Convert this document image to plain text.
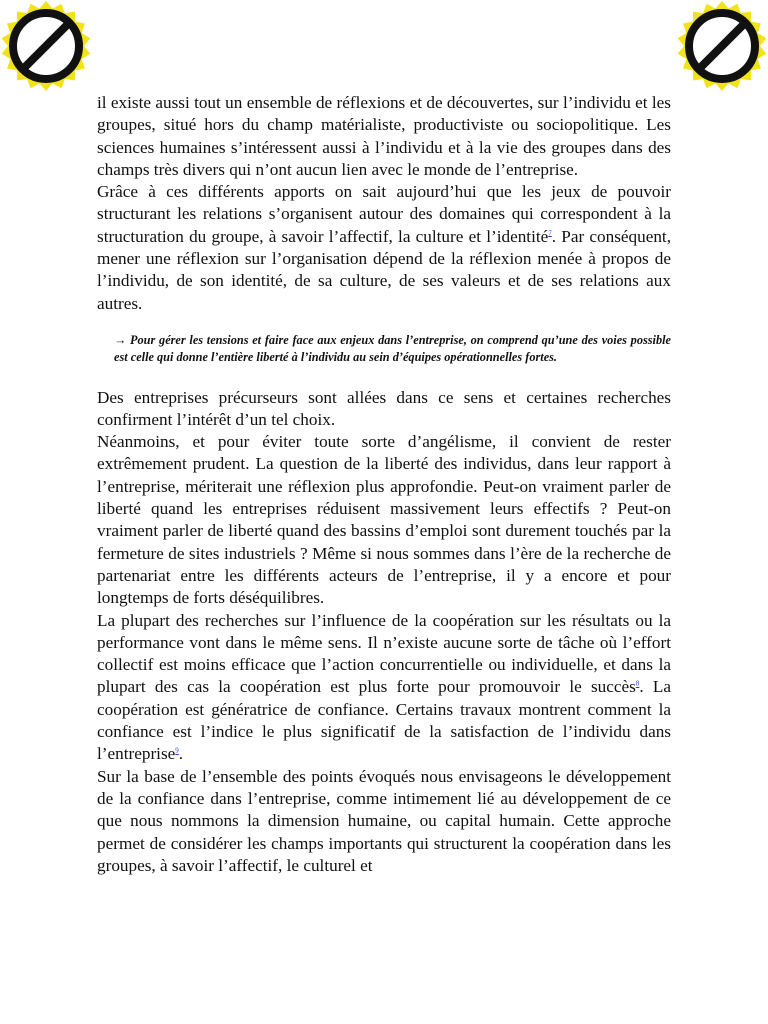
il existe aussi tout un ensemble de réflexions et de découvertes, sur l’individu et les groupes, situé hors du champ matérialiste, productiviste ou sociopolitique. Les sciences humaines s’intéressent aussi à l’individu et à la vie des groupes dans des champs très divers qui n’ont aucun lien avec le monde de l’entreprise.

Grâce à ces différents apports on sait aujourd’hui que les jeux de pouvoir structurant les relations s’organisent autour des domaines qui correspondent à la structuration du groupe, à savoir l’affectif, la culture et l’identité$^7$. Par conséquent, mener une réflexion sur l’organisation dépend de la réflexion menée à propos de l’individu, de son identité, de sa culture, de ses valeurs et de ses relations aux autres.

→ Pour gérer les tensions et faire face aux enjeux dans l’entreprise, on comprend qu’une des voies possible est celle qui donne l’entière liberté à l’individu au sein d’équipes opérationnelles fortes.

Des entreprises précurseurs sont allées dans ce sens et certaines recherches confirment l’intérêt d’un tel choix.

Néanmoins, et pour éviter toute sorte d’angélisme, il convient de rester extrêmement prudent. La question de la liberté des individus, dans leur rapport à l’entreprise, mériterait une réflexion plus approfondie. Peut-on vraiment parler de liberté quand les entreprises réduisent massivement leurs effectifs ? Peut-on vraiment parler de liberté quand des bassins d’emploi sont durement touchés par la fermeture de sites industriels ? Même si nous sommes dans l’ère de la recherche de partenariat entre les différents acteurs de l’entreprise, il y a encore et pour longtemps de forts déséquilibres.

La plupart des recherches sur l’influence de la coopération sur les résultats ou la performance vont dans le même sens. Il n’existe aucune sorte de tâche où l’effort collectif est moins efficace que l’action concurrentielle ou individuelle, et dans la plupart des cas la coopération est plus forte pour promouvoir le succès$^8$. La coopération est génératrice de confiance. Certains travaux montrent comment la confiance est l’indice le plus significatif de la satisfaction de l’individu dans l’entreprise$^9$.

Sur la base de l’ensemble des points évoqués nous envisageons le développement de la confiance dans l’entreprise, comme intimement lié au développement de ce que nous nommons la dimension humaine, ou capital humain. Cette approche permet de considérer les champs importants qui structurent la coopération dans les groupes, à savoir l’affectif, le culturel et
